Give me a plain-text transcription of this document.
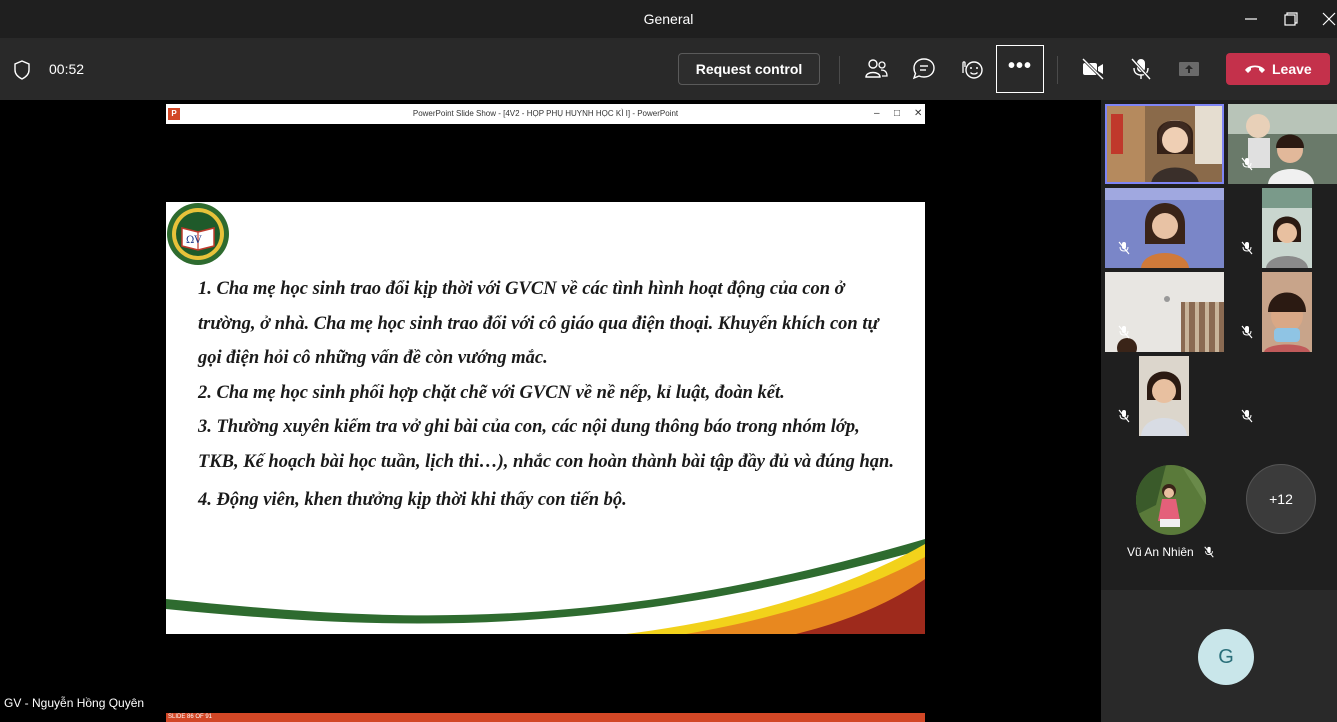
General
00:52	Request control	•••	Leave
P	PowerPoint Slide Show - [4V2 - HỌP PHỤ HUYNH HỌC KÌ I] - PowerPoint	– □ ✕
ΩV

1. Cha mẹ học sinh trao đổi kịp thời với GVCN về các tình hình hoạt động của con ở trường, ở nhà. Cha mẹ học sinh trao đổi với cô giáo qua điện thoại. Khuyến khích con tự gọi điện hỏi cô những vấn đề còn vướng mắc.

2. Cha mẹ học sinh phối hợp chặt chẽ với GVCN về nề nếp, kỉ luật, đoàn kết.

3. Thường xuyên kiểm tra vở ghi bài của con, các nội dung thông báo trong nhóm lớp, TKB, Kế hoạch bài học tuần, lịch thi…), nhắc con hoàn thành bài tập đầy đủ và đúng hạn.

4. Động viên, khen thưởng kịp thời khi thấy con tiến bộ.

GV - Nguyễn Hồng Quyên
SLIDE 86 OF 91
Vũ An Nhiên
+12
G
